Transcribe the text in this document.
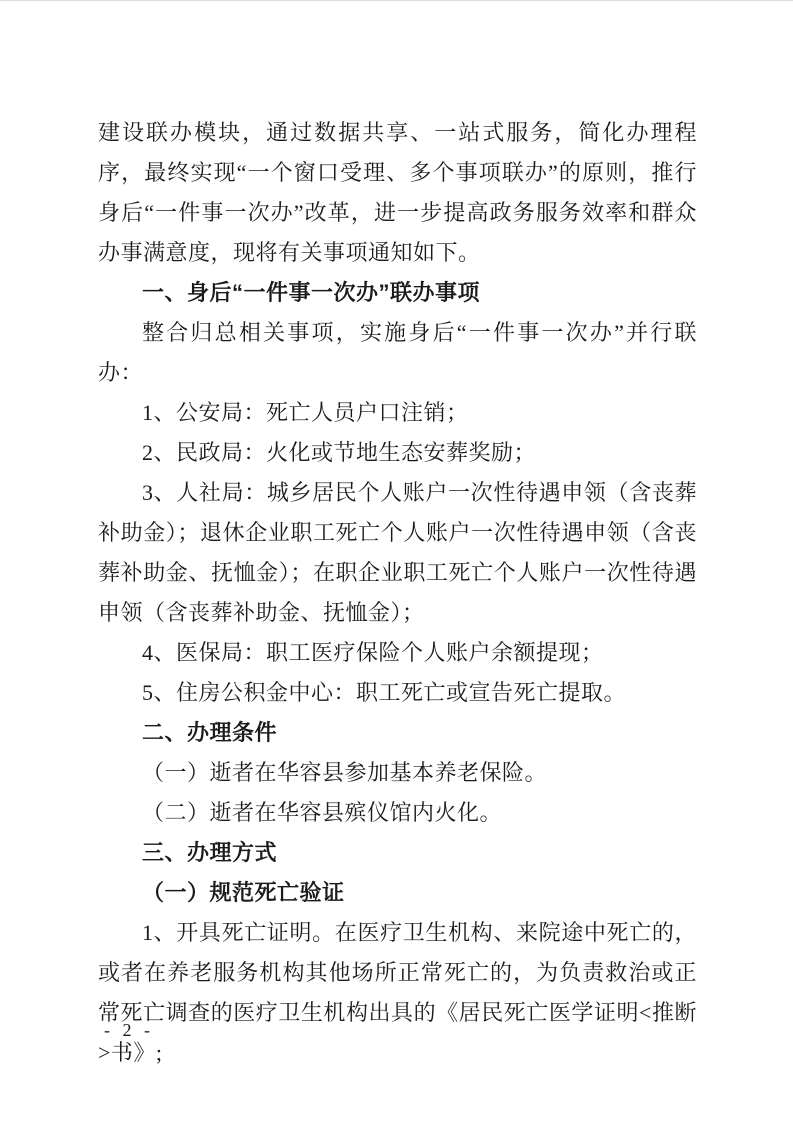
建设联办模块，通过数据共享、一站式服务，简化办理程序，最终实现“一个窗口受理、多个事项联办”的原则，推行身后“一件事一次办”改革，进一步提高政务服务效率和群众办事满意度，现将有关事项通知如下。

一、身后“一件事一次办”联办事项

整合归总相关事项，实施身后“一件事一次办”并行联办：

1、公安局：死亡人员户口注销；

2、民政局：火化或节地生态安葬奖励；

3、人社局：城乡居民个人账户一次性待遇申领（含丧葬补助金）；退休企业职工死亡个人账户一次性待遇申领（含丧葬补助金、抚恤金）；在职企业职工死亡个人账户一次性待遇申领（含丧葬补助金、抚恤金）；

4、医保局：职工医疗保险个人账户余额提现；

5、住房公积金中心：职工死亡或宣告死亡提取。

二、办理条件

（一）逝者在华容县参加基本养老保险。

（二）逝者在华容县殡仪馆内火化。

三、办理方式

（一）规范死亡验证

1、开具死亡证明。在医疗卫生机构、来院途中死亡的，或者在养老服务机构其他场所正常死亡的，为负责救治或正常死亡调查的医疗卫生机构出具的《居民死亡医学证明<推断>书》;

- 2 -
